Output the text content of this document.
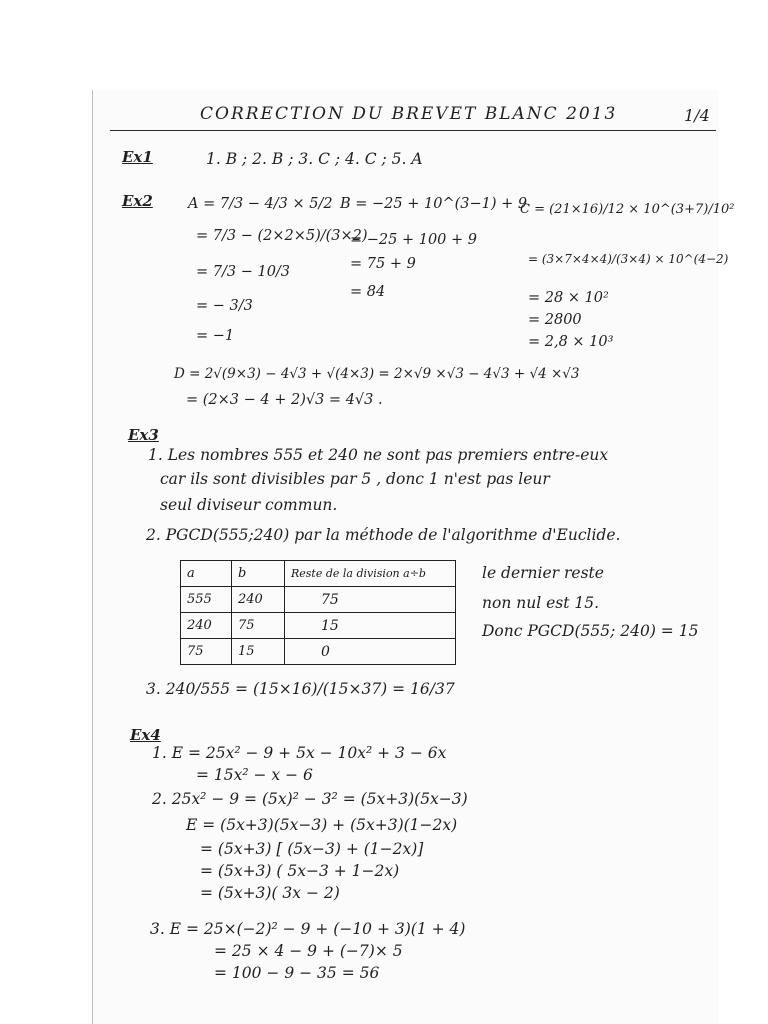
CORRECTION DU BREVET BLANC 2013	1/4
Ex1	1. B ; 2. B ; 3. C ; 4. C ; 5. A
Ex2 A = 7/3 − 4/3 × 5/2
= 7/3 − (2×2×5)/(3×2)
= 7/3 − 10/3
= − 3/3
= −1
B = −25 + 10^(3−1) + 9
= −25 + 100 + 9
= 75 + 9
= 84
C = (21×16)/12 × 10^(3+7)/10²
= (3×7×4×4)/(3×4) × 10^(4−2)
= 28 × 10²
= 2800
= 2,8 × 10³
D = 2√(9×3) − 4√3 + √(4×3) = 2×√9 ×√3 − 4√3 + √4 ×√3
= (2×3 − 4 + 2)√3 = 4√3 .
Ex3
1. Les nombres 555 et 240 ne sont pas premiers entre-eux
car ils sont divisibles par 5 , donc 1 n'est pas leur
seul diviseur commun.
2. PGCD(555;240) par la méthode de l'algorithme d'Euclide.
a	b	Reste de la division a÷b
555	240	75
240	75	15
75	15	0
le dernier reste
non nul est 15.
Donc PGCD(555; 240) = 15
3. 240/555 = (15×16)/(15×37) = 16/37
Ex4
1. E = 25x² − 9 + 5x − 10x² + 3 − 6x
= 15x² − x − 6
2. 25x² − 9 = (5x)² − 3² = (5x+3)(5x−3)
E = (5x+3)(5x−3) + (5x+3)(1−2x)
= (5x+3) [ (5x−3) + (1−2x)]
= (5x+3) ( 5x−3 + 1−2x)
= (5x+3)( 3x − 2)
3. E = 25×(−2)² − 9 + (−10 + 3)(1 + 4)
= 25 × 4 − 9 + (−7)× 5
= 100 − 9 − 35 = 56
